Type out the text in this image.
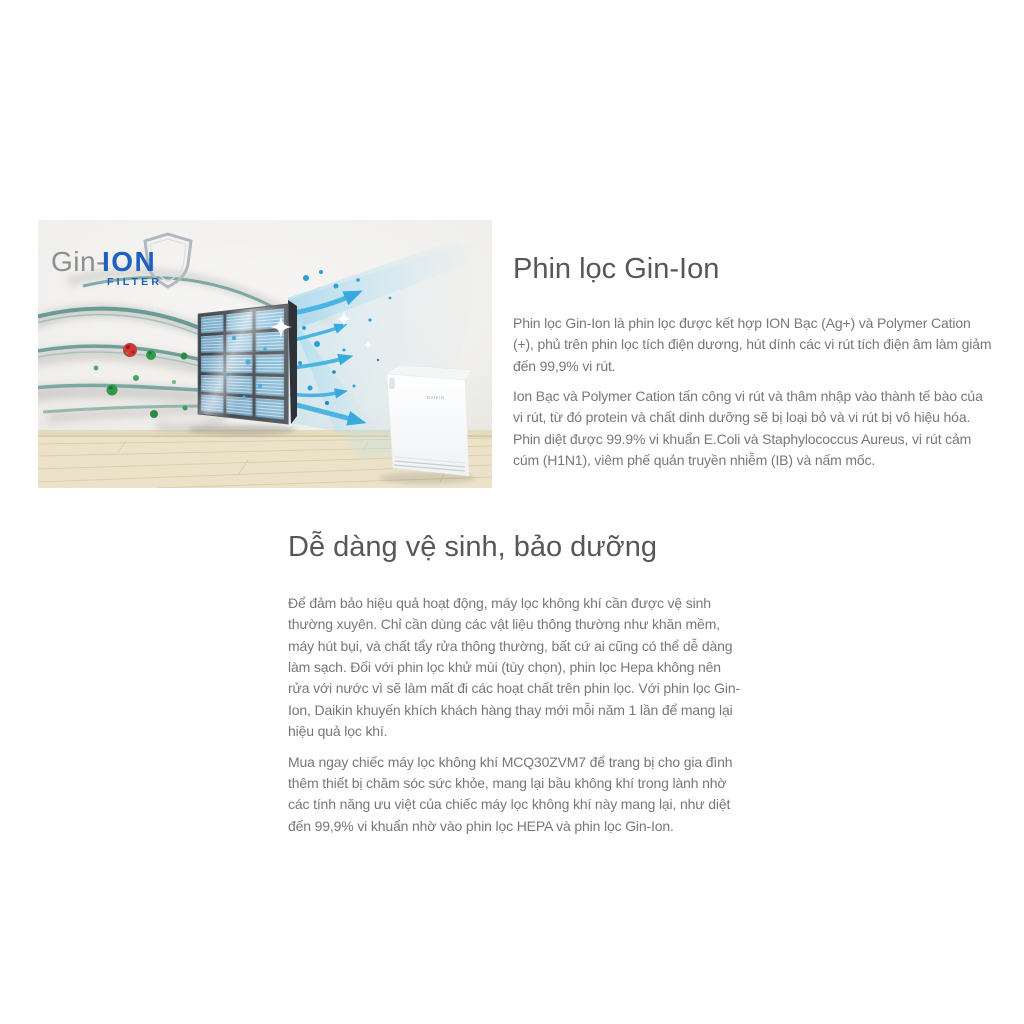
DAIKIN
Gin-
ION
FILTER	Phin lọc Gin-Ion

Phin lọc Gin-Ion là phin lọc được kết hợp ION Bạc (Ag+) và Polymer Cation (+), phủ trên phin lọc tích điện dương, hút dính các vi rút tích điện âm làm giảm đến 99,9% vi rút.

Ion Bạc và Polymer Cation tấn công vi rút và thâm nhập vào thành tế bào của vi rút, từ đó protein và chất dinh dưỡng sẽ bị loại bỏ và vi rút bị vô hiệu hóa. Phin diệt được 99.9% vi khuẩn E.Coli và Staphylococcus Aureus, vi rút cảm cúm (H1N1), viêm phế quản truyền nhiễm (IB) và nấm mốc.

Dễ dàng vệ sinh, bảo dưỡng

Để đảm bảo hiệu quả hoạt động, máy lọc không khí cần được vệ sinh thường xuyên. Chỉ cần dùng các vật liệu thông thường như khăn mềm, máy hút bụi, và chất tẩy rửa thông thường, bất cứ ai cũng có thể dễ dàng làm sạch. Đối với phin lọc khử mùi (tùy chọn), phin lọc Hepa không nên rửa với nước vì sẽ làm mất đi các hoạt chất trên phin lọc. Với phin lọc Gin-Ion, Daikin khuyến khích khách hàng thay mới mỗi năm 1 lần để mang lại hiệu quả lọc khí.

Mua ngay chiếc máy lọc không khí MCQ30ZVM7 để trang bị cho gia đình thêm thiết bị chăm sóc sức khỏe, mang lại bầu không khí trong lành nhờ các tính năng ưu việt của chiếc máy lọc không khí này mang lại, như diệt đến 99,9% vi khuẩn nhờ vào phin lọc HEPA và phin lọc Gin-Ion.
